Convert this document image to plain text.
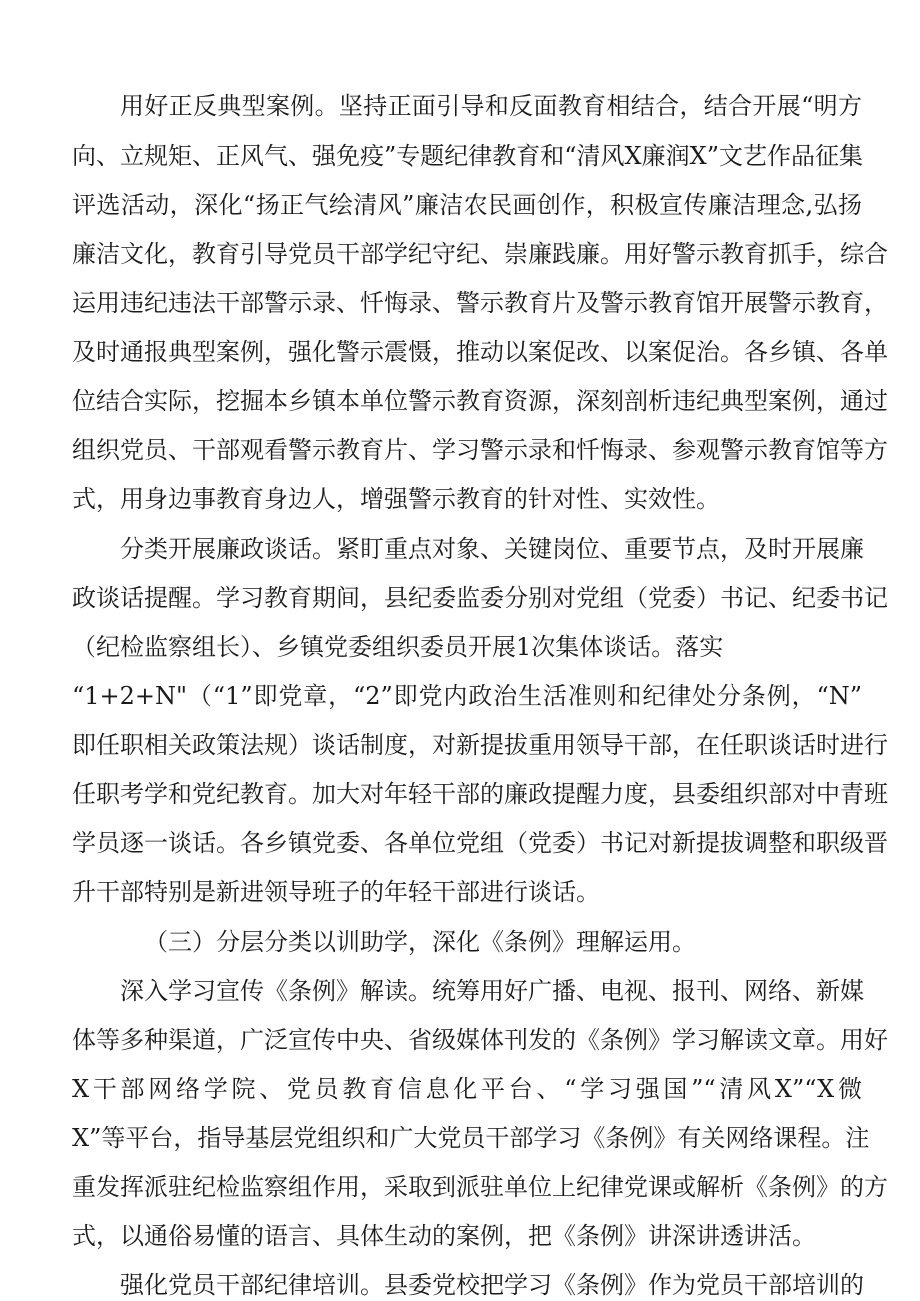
用好正反典型案例。坚持正面引导和反面教育相结合，结合开展“明方
向、立规矩、正风气、强免疫”专题纪律教育和“清风X廉润X”文艺作品征集
评选活动，深化“扬正气绘清风”廉洁农民画创作，积极宣传廉洁理念,弘扬
廉洁文化，教育引导党员干部学纪守纪、崇廉践廉。用好警示教育抓手，综合
运用违纪违法干部警示录、忏悔录、警示教育片及警示教育馆开展警示教育，
及时通报典型案例，强化警示震慑，推动以案促改、以案促治。各乡镇、各单
位结合实际，挖掘本乡镇本单位警示教育资源，深刻剖析违纪典型案例，通过
组织党员、干部观看警示教育片、学习警示录和忏悔录、参观警示教育馆等方
式，用身边事教育身边人，增强警示教育的针对性、实效性。
分类开展廉政谈话。紧盯重点对象、关键岗位、重要节点，及时开展廉
政谈话提醒。学习教育期间，县纪委监委分别对党组（党委）书记、纪委书记
（纪检监察组长）、乡镇党委组织委员开展1次集体谈话。落实
“1+2+N"（“1”即党章，“2”即党内政治生活准则和纪律处分条例，“N”
即任职相关政策法规）谈话制度，对新提拔重用领导干部，在任职谈话时进行
任职考学和党纪教育。加大对年轻干部的廉政提醒力度，县委组织部对中青班
学员逐一谈话。各乡镇党委、各单位党组（党委）书记对新提拔调整和职级晋
升干部特别是新进领导班子的年轻干部进行谈话。
（三）分层分类以训助学，深化《条例》理解运用。
深入学习宣传《条例》解读。统筹用好广播、电视、报刊、网络、新媒
体等多种渠道，广泛宣传中央、省级媒体刊发的《条例》学习解读文章。用好
X干部网络学院、党员教育信息化平台、“学习强国”“清风X”“X微
X”等平台，指导基层党组织和广大党员干部学习《条例》有关网络课程。注
重发挥派驻纪检监察组作用，采取到派驻单位上纪律党课或解析《条例》的方
式，以通俗易懂的语言、具体生动的案例，把《条例》讲深讲透讲活。
强化党员干部纪律培训。县委党校把学习《条例》作为党员干部培训的
